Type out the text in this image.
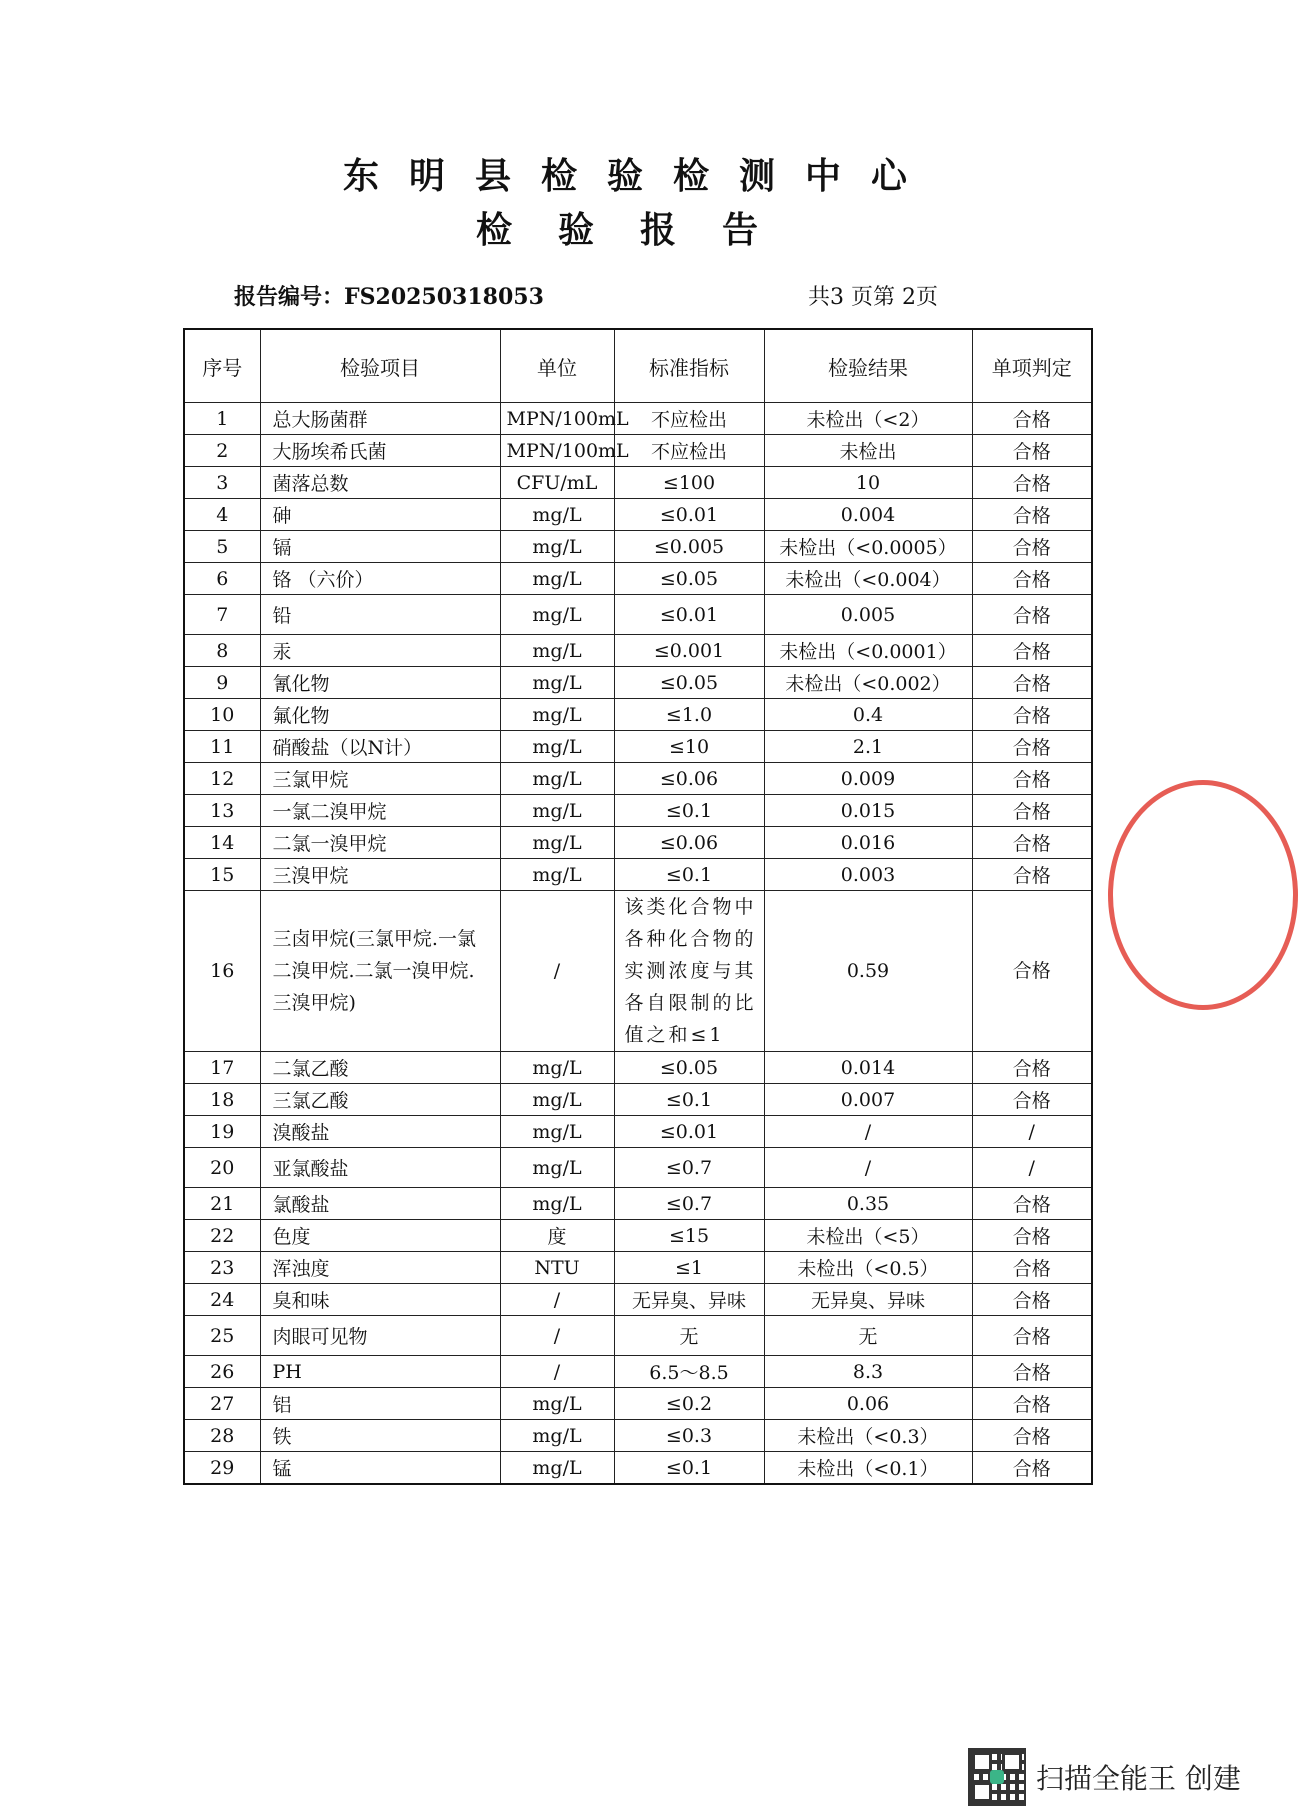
东明县检验检测中心
检验报告
报告编号：FS20250318053	共3 页第 2页
序号	检验项目	单位	标准指标	检验结果	单项判定
1	总大肠菌群	MPN/100mL	不应检出	未检出（<2）	合格
2	大肠埃希氏菌	MPN/100mL	不应检出	未检出	合格
3	菌落总数	CFU/mL	≤100	10	合格
4	砷	mg/L	≤0.01	0.004	合格
5	镉	mg/L	≤0.005	未检出（<0.0005）	合格
6	铬 （六价）	mg/L	≤0.05	未检出（<0.004）	合格
7	铅	mg/L	≤0.01	0.005	合格
8	汞	mg/L	≤0.001	未检出（<0.0001）	合格
9	氰化物	mg/L	≤0.05	未检出（<0.002）	合格
10	氟化物	mg/L	≤1.0	0.4	合格
11	硝酸盐（以N计）	mg/L	≤10	2.1	合格
12	三氯甲烷	mg/L	≤0.06	0.009	合格
13	一氯二溴甲烷	mg/L	≤0.1	0.015	合格
14	二氯一溴甲烷	mg/L	≤0.06	0.016	合格
15	三溴甲烷	mg/L	≤0.1	0.003	合格
16	三卤甲烷(三氯甲烷.一氯二溴甲烷.二氯一溴甲烷.三溴甲烷)	/	该类化合物中各种化合物的实测浓度与其各自限制的比值之和≤1	0.59	合格
17	二氯乙酸	mg/L	≤0.05	0.014	合格
18	三氯乙酸	mg/L	≤0.1	0.007	合格
19	溴酸盐	mg/L	≤0.01	/	/
20	亚氯酸盐	mg/L	≤0.7	/	/
21	氯酸盐	mg/L	≤0.7	0.35	合格
22	色度	度	≤15	未检出（<5）	合格
23	浑浊度	NTU	≤1	未检出（<0.5）	合格
24	臭和味	/	无异臭、异味	无异臭、异味	合格
25	肉眼可见物	/	无	无	合格
26	PH	/	6.5～8.5	8.3	合格
27	铝	mg/L	≤0.2	0.06	合格
28	铁	mg/L	≤0.3	未检出（<0.3）	合格
29	锰	mg/L	≤0.1	未检出（<0.1）	合格
扫描全能王 创建
